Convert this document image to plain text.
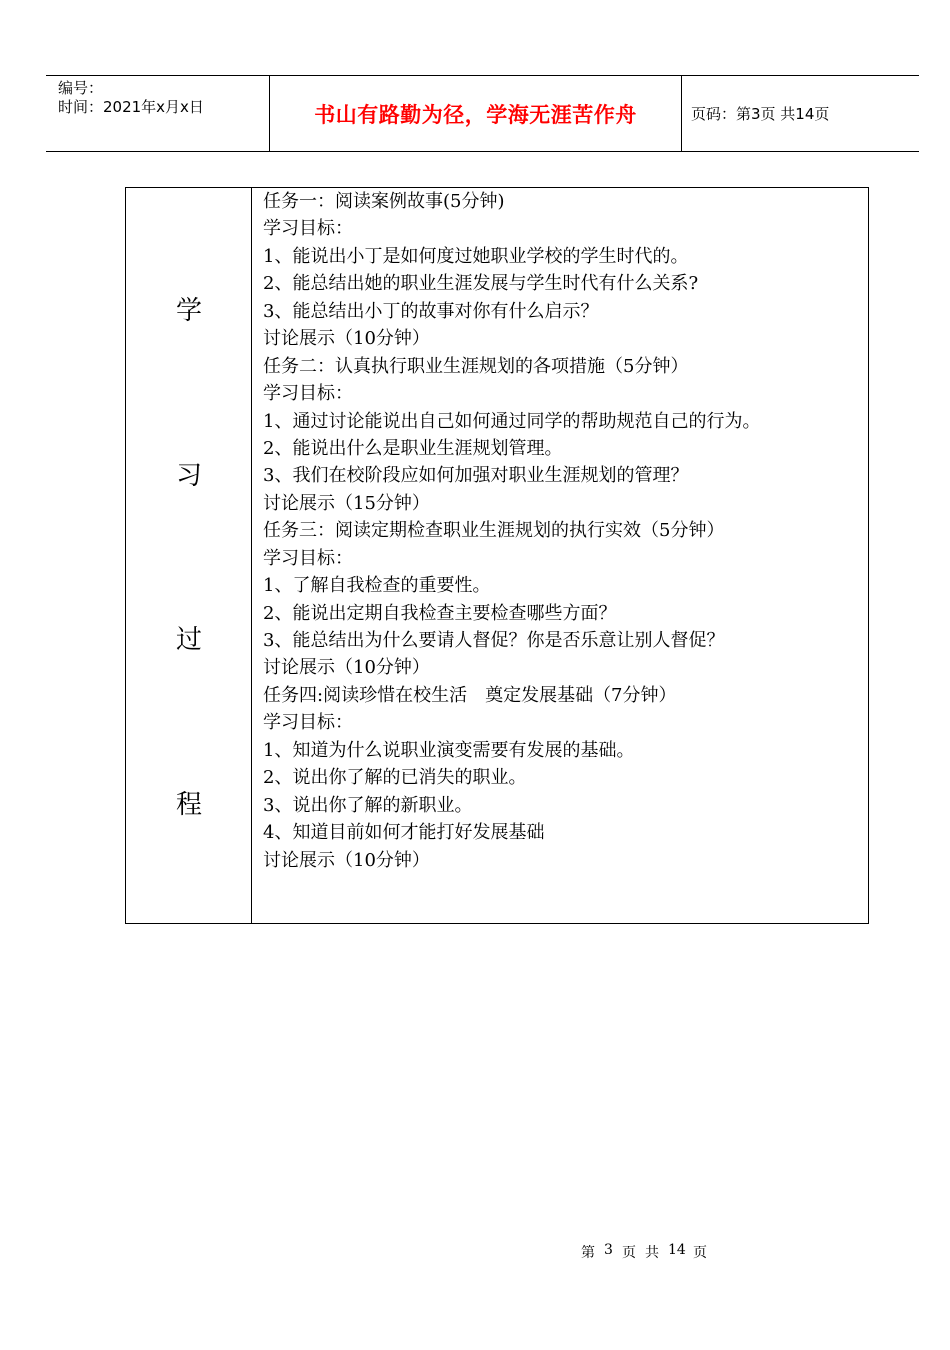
编号：
时间：2021年x月x日	书山有路勤为径，学海无涯苦作舟	页码：第3页 共14页
学
习
过
程
任务一：阅读案例故事(5分钟)
学习目标：
1、能说出小丁是如何度过她职业学校的学生时代的。
2、能总结出她的职业生涯发展与学生时代有什么关系?
3、能总结出小丁的故事对你有什么启示？
讨论展示（10分钟）
任务二：认真执行职业生涯规划的各项措施（5分钟）
学习目标：
1、通过讨论能说出自己如何通过同学的帮助规范自己的行为。
2、能说出什么是职业生涯规划管理。
3、我们在校阶段应如何加强对职业生涯规划的管理？
讨论展示（15分钟）
任务三：阅读定期检查职业生涯规划的执行实效（5分钟）
学习目标：
1、了解自我检查的重要性。
2、能说出定期自我检查主要检查哪些方面？
3、能总结出为什么要请人督促？你是否乐意让别人督促？
讨论展示（10分钟）
任务四:阅读珍惜在校生活　奠定发展基础（7分钟）
学习目标：
1、知道为什么说职业演变需要有发展的基础。
2、说出你了解的已消失的职业。
3、说出你了解的新职业。
4、知道目前如何才能打好发展基础
讨论展示（10分钟）
第 3 页 共 14 页
